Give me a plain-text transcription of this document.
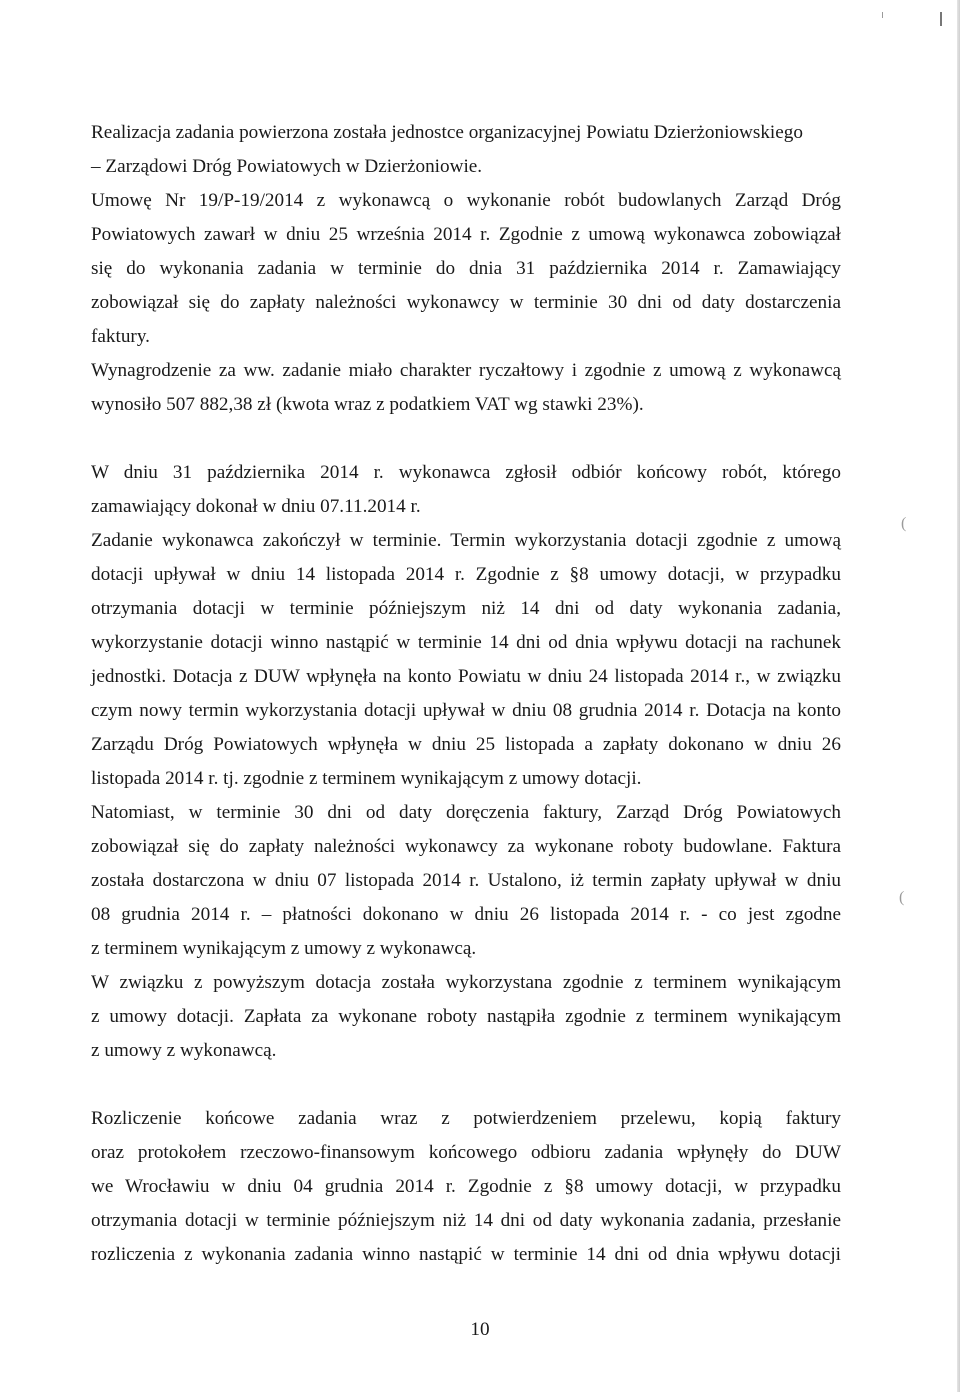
(
(

Realizacja zadania powierzona została jednostce organizacyjnej Powiatu Dzierżoniowskiego

– Zarządowi Dróg Powiatowych w Dzierżoniowie.

Umowę Nr 19/P-19/2014 z wykonawcą o wykonanie robót budowlanych Zarząd Dróg

Powiatowych zawarł w dniu 25 września 2014 r. Zgodnie z umową wykonawca zobowiązał

się do wykonania zadania w terminie do dnia 31 października 2014 r. Zamawiający

zobowiązał się do zapłaty należności wykonawcy w terminie 30 dni od daty dostarczenia

faktury.

Wynagrodzenie za ww. zadanie miało charakter ryczałtowy i zgodnie z umową z wykonawcą

wynosiło 507 882,38 zł (kwota wraz z podatkiem VAT wg stawki 23%).

W dniu 31 października 2014 r. wykonawca zgłosił odbiór końcowy robót, którego

zamawiający dokonał w dniu 07.11.2014 r.

Zadanie wykonawca zakończył w terminie. Termin wykorzystania dotacji zgodnie z umową

dotacji upływał w dniu 14 listopada 2014 r. Zgodnie z §8 umowy dotacji, w przypadku

otrzymania dotacji w terminie późniejszym niż 14 dni od daty wykonania zadania,

wykorzystanie dotacji winno nastąpić w terminie 14 dni od dnia wpływu dotacji na rachunek

jednostki. Dotacja z DUW wpłynęła na konto Powiatu w dniu 24 listopada 2014 r., w związku

czym nowy termin wykorzystania dotacji upływał w dniu 08 grudnia 2014 r. Dotacja na konto

Zarządu Dróg Powiatowych wpłynęła w dniu 25 listopada a zapłaty dokonano w dniu 26

listopada 2014 r. tj. zgodnie z terminem wynikającym z umowy dotacji.

Natomiast, w terminie 30 dni od daty doręczenia faktury, Zarząd Dróg Powiatowych

zobowiązał się do zapłaty należności wykonawcy za wykonane roboty budowlane. Faktura

została dostarczona w dniu 07 listopada 2014 r. Ustalono, iż termin zapłaty upływał w dniu

08 grudnia 2014 r. – płatności dokonano w dniu 26 listopada 2014 r. - co jest zgodne

z terminem wynikającym z umowy z wykonawcą.

W związku z powyższym dotacja została wykorzystana zgodnie z terminem wynikającym

z umowy dotacji. Zapłata za wykonane roboty nastąpiła zgodnie z terminem wynikającym

z umowy z wykonawcą.

Rozliczenie końcowe zadania wraz z potwierdzeniem przelewu, kopią faktury

oraz protokołem rzeczowo-finansowym końcowego odbioru zadania wpłynęły do DUW

we Wrocławiu w dniu 04 grudnia 2014 r. Zgodnie z §8 umowy dotacji, w przypadku

otrzymania dotacji w terminie późniejszym niż 14 dni od daty wykonania zadania, przesłanie

rozliczenia z wykonania zadania winno nastąpić w terminie 14 dni od dnia wpływu dotacji

10
